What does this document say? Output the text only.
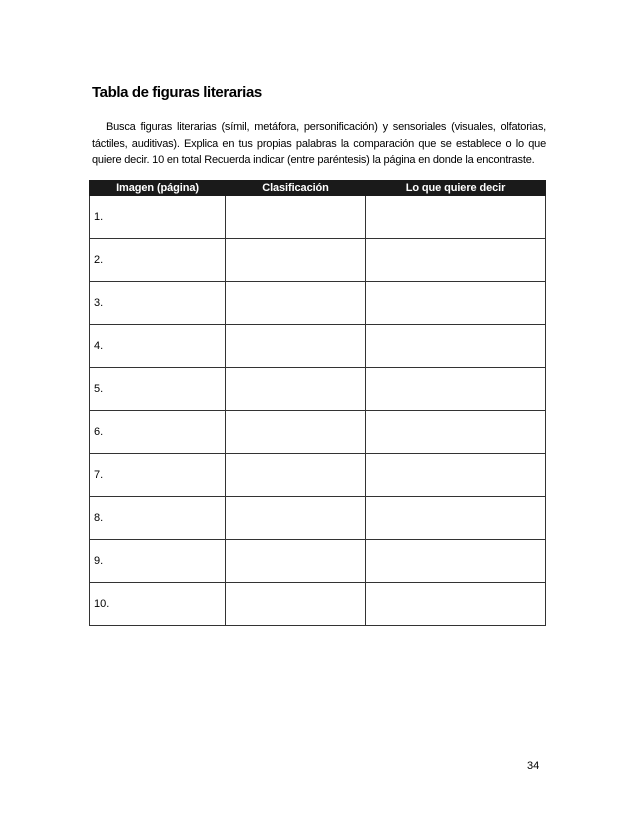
Tabla de figuras literarias

Busca figuras literarias (símil, metáfora, personificación) y sensoriales (visuales, olfatorias, táctiles, auditivas). Explica en tus propias palabras la comparación que se establece o lo que quiere decir. 10 en total Recuerda indicar (entre paréntesis) la página en donde la encontraste.

Imagen (página)	Clasificación	Lo que quiere decir
1.		
2.		
3.		
4.		
5.		
6.		
7.		
8.		
9.		
10.		
34
